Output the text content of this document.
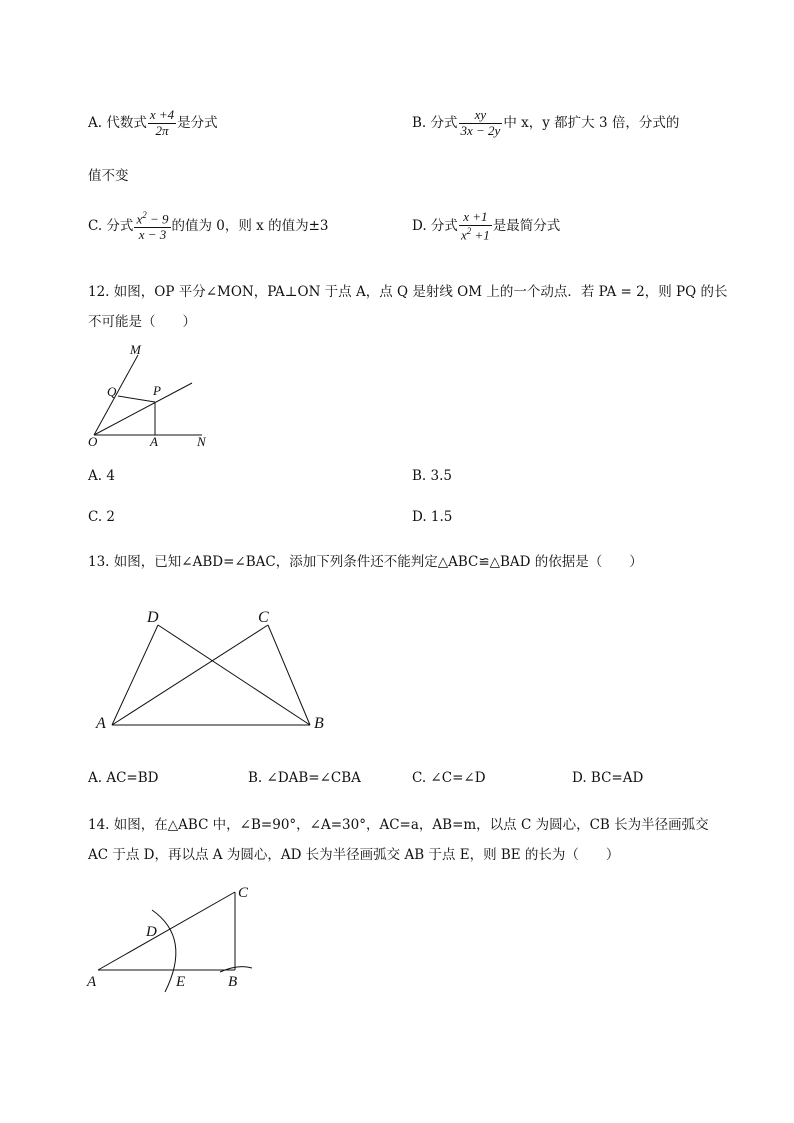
A. 代数式 $\frac{x +4}{2\pi}$ 是分式	B. 分式 $\frac{xy}{3x - 2y}$ 中 x，y 都扩大 3 倍，分式的
值不变
C. 分式 $\frac{x^2 - 9}{x - 3}$ 的值为 0，则 x 的值为±3	D. 分式 $\frac{x +1}{x^2 +1}$ 是最简分式
12. 如图，OP 平分∠MON，PA⊥ON 于点 A，点 Q 是射线 OM 上的一个动点．若 PA = 2，则 PQ 的长
不可能是（　　）
M
Q	P
O	A	N
A. 4	B. 3.5
C. 2	D. 1.5
13. 如图，已知∠ABD=∠BAC，添加下列条件还不能判定△ABC≌△BAD 的依据是（　　）
D	C
A	B
A. AC=BD	B. ∠DAB=∠CBA	C. ∠C=∠D	D. BC=AD
14. 如图，在△ABC 中，∠B=90°，∠A=30°，AC=a，AB=m，以点 C 为圆心，CB 长为半径画弧交
AC 于点 D，再以点 A 为圆心，AD 长为半径画弧交 AB 于点 E，则 BE 的长为（　　）
C
D
A	E	B
